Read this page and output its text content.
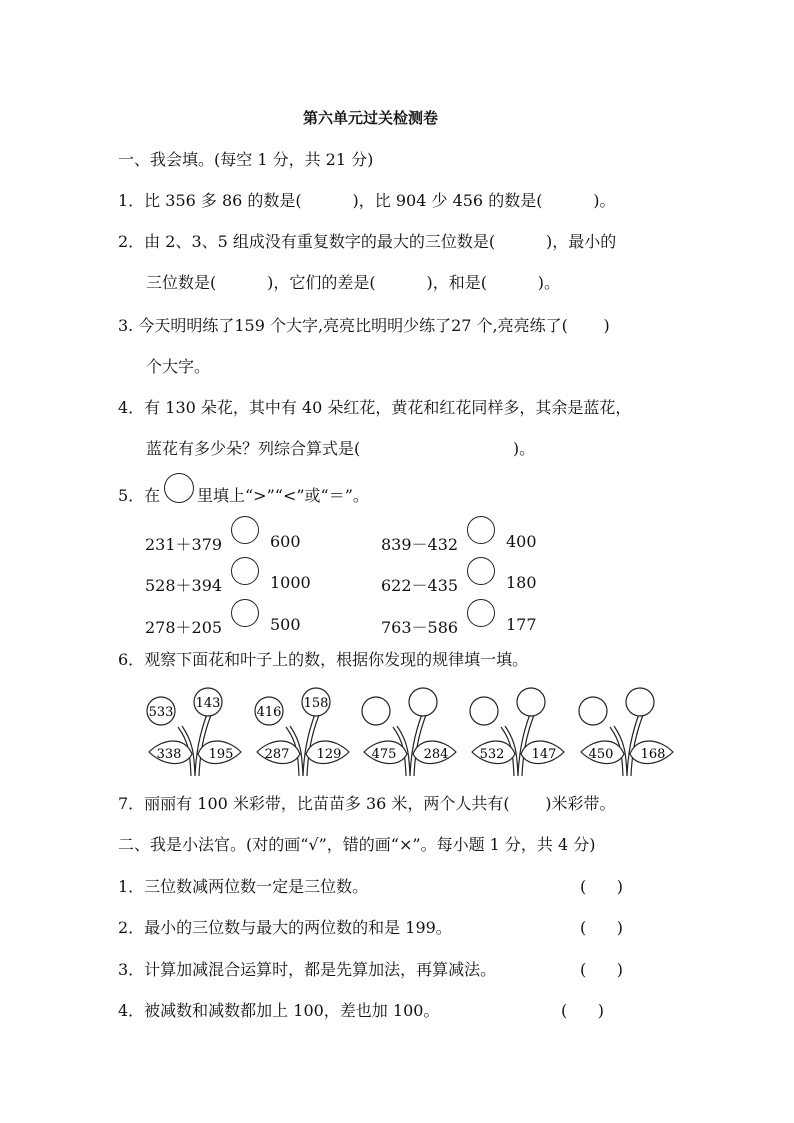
第六单元过关检测卷
一、我会填。(每空 1 分，共 21 分)
1．比 356 多 86 的数是(          )，比 904 少 456 的数是(          )。
2．由 2、3、5 组成没有重复数字的最大的三位数是(          )，最小的
三位数是(          )，它们的差是(          )，和是(          )。
3. 今天明明练了159 个大字,亮亮比明明少练了27 个,亮亮练了(       )
个大字。
4．有 130 朵花，其中有 40 朵红花，黄花和红花同样多，其余是蓝花，
蓝花有多少朵？列综合算式是(                              )。
5．在 里填上“>”“<”或“＝”。
231＋379	600	839－432	400
528＋394	1000	622－435	180
278＋205	500	763－586	177
6．观察下面花和叶子上的数，根据你发现的规律填一填。
533
143
338 195
416
158
287 129 475 284 532 147 450 168
7．丽丽有 100 米彩带，比苗苗多 36 米，两个人共有(       )米彩带。
二、我是小法官。(对的画“√”，错的画“×”。每小题 1 分，共 4 分)
1．三位数减两位数一定是三位数。	(      )
2．最小的三位数与最大的两位数的和是 199。	(      )
3．计算加减混合运算时，都是先算加法，再算减法。	(      )
4．被减数和减数都加上 100，差也加 100。	(      )
